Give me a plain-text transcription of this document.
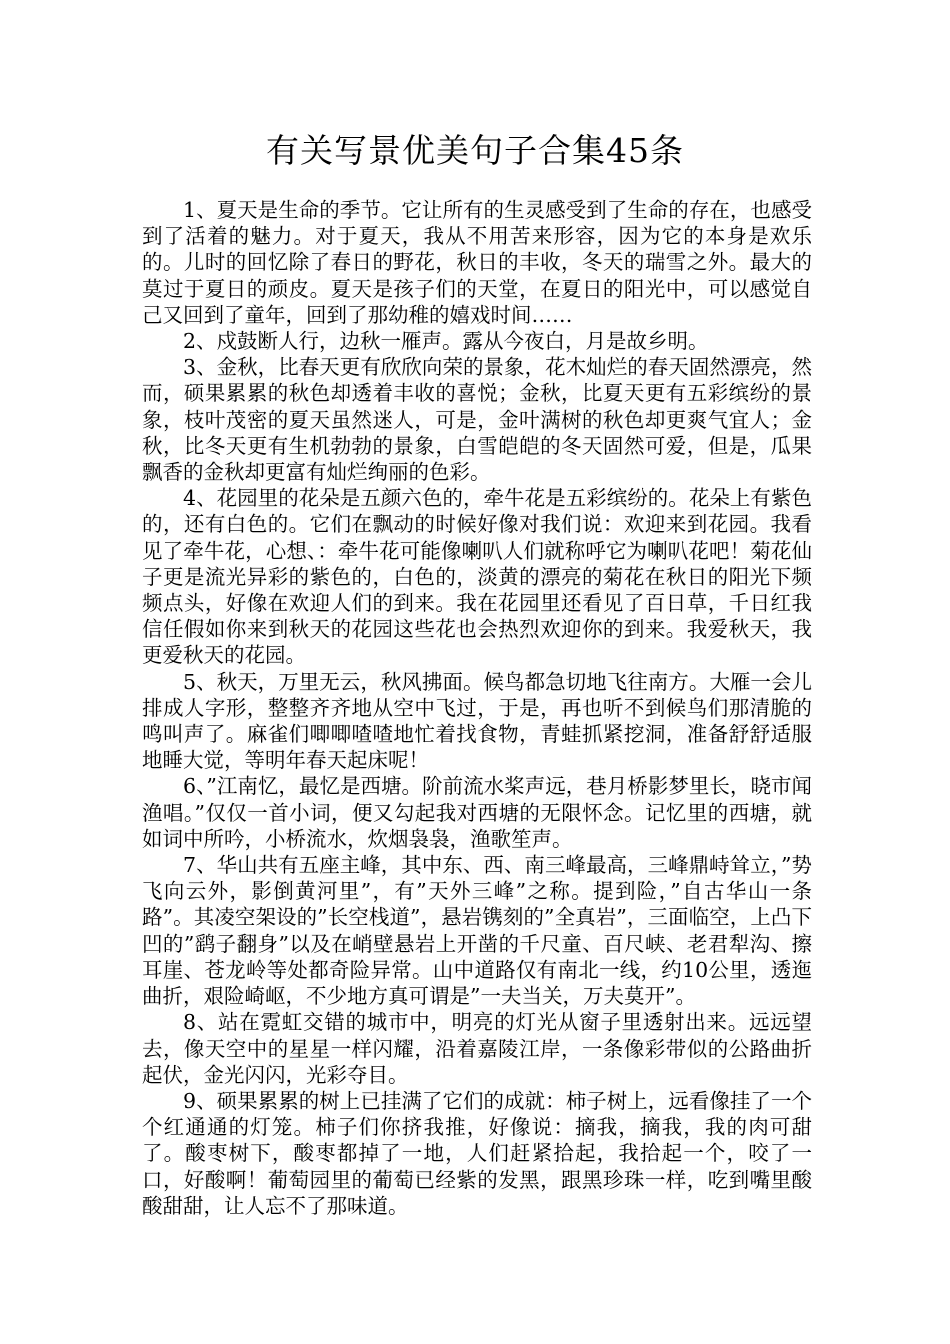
有关写景优美句子合集45条

1、夏天是生命的季节。它让所有的生灵感受到了生命的存在，也感受到了活着的魅力。对于夏天，我从不用苦来形容，因为它的本身是欢乐的。儿时的回忆除了春日的野花，秋日的丰收，冬天的瑞雪之外。最大的莫过于夏日的顽皮。夏天是孩子们的天堂，在夏日的阳光中，可以感觉自己又回到了童年，回到了那幼稚的嬉戏时间……

2、戍鼓断人行，边秋一雁声。露从今夜白，月是故乡明。

3、金秋，比春天更有欣欣向荣的景象，花木灿烂的春天固然漂亮，然而，硕果累累的秋色却透着丰收的喜悦；金秋，比夏天更有五彩缤纷的景象，枝叶茂密的夏天虽然迷人，可是，金叶满树的秋色却更爽气宜人；金秋，比冬天更有生机勃勃的景象，白雪皑皑的冬天固然可爱，但是，瓜果飘香的金秋却更富有灿烂绚丽的色彩。

4、花园里的花朵是五颜六色的，牵牛花是五彩缤纷的。花朵上有紫色的，还有白色的。它们在飘动的时候好像对我们说：欢迎来到花园。我看见了牵牛花，心想、：牵牛花可能像喇叭人们就称呼它为喇叭花吧！菊花仙子更是流光异彩的紫色的，白色的，淡黄的漂亮的菊花在秋日的阳光下频频点头，好像在欢迎人们的到来。我在花园里还看见了百日草，千日红我信任假如你来到秋天的花园这些花也会热烈欢迎你的到来。我爱秋天，我更爱秋天的花园。

5、秋天，万里无云，秋风拂面。候鸟都急切地飞往南方。大雁一会儿排成人字形，整整齐齐地从空中飞过，于是，再也听不到候鸟们那清脆的鸣叫声了。麻雀们唧唧喳喳地忙着找食物，青蛙抓紧挖洞，准备舒舒适服地睡大觉，等明年春天起床呢！

6、”江南忆，最忆是西塘。阶前流水桨声远，巷月桥影梦里长，晓市闻渔唱。”仅仅一首小词，便又勾起我对西塘的无限怀念。记忆里的西塘，就如词中所吟，小桥流水，炊烟袅袅，渔歌笙声。

7、华山共有五座主峰，其中东、西、南三峰最高，三峰鼎峙耸立，”势飞向云外，影倒黄河里”，有”天外三峰”之称。提到险，”自古华山一条路”。其凌空架设的”长空栈道”，悬岩镌刻的”全真岩”，三面临空，上凸下凹的”鹞子翻身”以及在峭壁悬岩上开凿的千尺童、百尺峡、老君犁沟、擦耳崖、苍龙岭等处都奇险异常。山中道路仅有南北一线，约10公里，透迤曲折，艰险崎岖，不少地方真可谓是”一夫当关，万夫莫开”。

8、站在霓虹交错的城市中，明亮的灯光从窗子里透射出来。远远望去，像天空中的星星一样闪耀，沿着嘉陵江岸，一条像彩带似的公路曲折起伏，金光闪闪，光彩夺目。

9、硕果累累的树上已挂满了它们的成就：柿子树上，远看像挂了一个个红通通的灯笼。柿子们你挤我推，好像说：摘我，摘我，我的肉可甜了。酸枣树下，酸枣都掉了一地，人们赶紧拾起，我拾起一个，咬了一口，好酸啊！葡萄园里的葡萄已经紫的发黑，跟黑珍珠一样，吃到嘴里酸酸甜甜，让人忘不了那味道。
